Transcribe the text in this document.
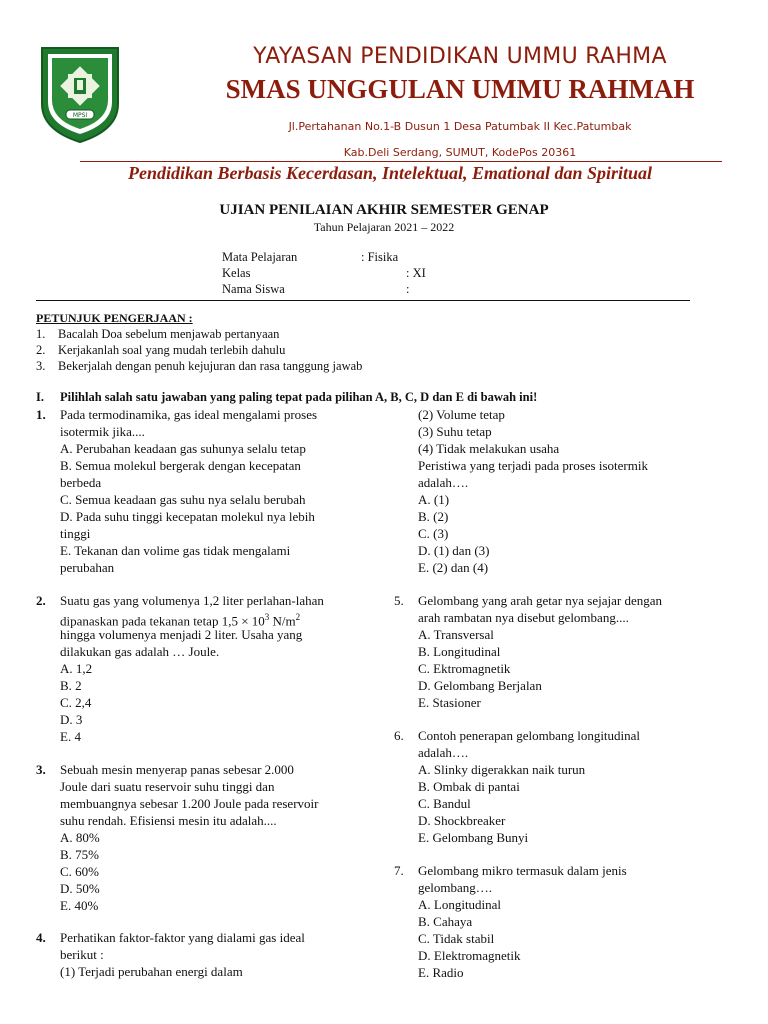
MPSI
YAYASAN PENDIDIKAN UMMU RAHMA
SMAS UNGGULAN UMMU RAHMAH
Jl.Pertahanan No.1-B Dusun 1 Desa Patumbak II Kec.Patumbak
Kab.Deli Serdang, SUMUT, KodePos 20361
Pendidikan Berbasis Kecerdasan, Intelektual, Emational dan Spiritual
UJIAN PENILAIAN AKHIR SEMESTER GENAP
Tahun Pelajaran 2021 – 2022
Mata Pelajaran	: Fisika
Kelas	: XI
Nama Siswa	:
PETUNJUK PENGERJAAN :
1. Bacalah Doa sebelum menjawab pertanyaan
2. Kerjakanlah soal yang mudah terlebih dahulu
3. Bekerjalah dengan penuh kejujuran dan rasa tanggung jawab
I. Pilihlah salah satu jawaban yang paling tepat pada pilihan A, B, C, D dan E di bawah ini!
1. Pada termodinamika, gas ideal mengalami proses
isotermik jika....
A. Perubahan keadaan gas suhunya selalu tetap
B. Semua molekul bergerak dengan kecepatan
berbeda
C. Semua keadaan gas suhu nya selalu berubah
D. Pada suhu tinggi kecepatan molekul nya lebih
tinggi
E. Tekanan dan volime gas tidak mengalami
perubahan
2. Suatu gas yang volumenya 1,2 liter perlahan-lahan
dipanaskan pada tekanan tetap $1,5 \times 10^3$ $N/m^2$
hingga volumenya menjadi 2 liter. Usaha yang
dilakukan gas adalah … Joule.
A. 1,2
B. 2
C. 2,4
D. 3
E. 4
3. Sebuah mesin menyerap panas sebesar 2.000
Joule dari suatu reservoir suhu tinggi dan
membuangnya sebesar 1.200 Joule pada reservoir
suhu rendah. Efisiensi mesin itu adalah....
A. 80%
B. 75%
C. 60%
D. 50%
E. 40%
4. Perhatikan faktor-faktor yang dialami gas ideal
berikut :
(1) Terjadi perubahan energi dalam
(2) Volume tetap
(3) Suhu tetap
(4) Tidak melakukan usaha
Peristiwa yang terjadi pada proses isotermik
adalah….
A. (1)
B. (2)
C. (3)
D. (1) dan (3)
E. (2) dan (4)
5. Gelombang yang arah getar nya sejajar dengan
arah rambatan nya disebut gelombang....
A. Transversal
B. Longitudinal
C. Ektromagnetik
D. Gelombang Berjalan
E. Stasioner
6. Contoh penerapan gelombang longitudinal
adalah….
A. Slinky digerakkan naik turun
B. Ombak di pantai
C. Bandul
D. Shockbreaker
E. Gelombang Bunyi
7. Gelombang mikro termasuk dalam jenis
gelombang….
A. Longitudinal
B. Cahaya
C. Tidak stabil
D. Elektromagnetik
E. Radio
